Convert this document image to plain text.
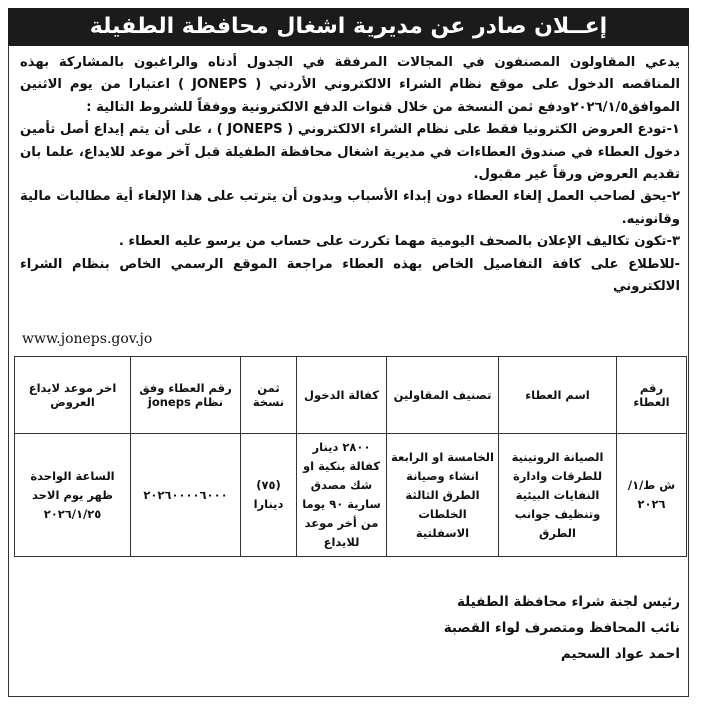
إعــلان صادر عن مديرية اشغال محافظة الطفيلة

يدعي المقاولون المصنفون في المجالات المرفقة في الجدول أدناه والراغبون بالمشاركة بهذه المناقصه الدخول على موقع نظام الشراء الالكتروني الأردني ( JONEPS ) اعتبارا من يوم الاثنين الموافق٢٠٢٦/١/٥ودفع ثمن النسخة من خلال قنوات الدفع الالكترونية ووفقاً للشروط التالية :

١-تودع العروض الكترونيا فقط على نظام الشراء الالكتروني ( JONEPS ) ، على أن يتم إيداع أصل تأمين دخول العطاء في صندوق العطاءات في مديرية اشغال محافظة الطفيلة قبل آخر موعد للايداع، علما بان تقديم العروض ورقاً غير مقبول.

٢-يحق لصاحب العمل إلغاء العطاء دون إبداء الأسباب وبدون أن يترتب على هذا الإلغاء أية مطالبات مالية وقانونيه.

٣-تكون تكاليف الإعلان بالصحف اليومية مهما تكررت على حساب من يرسو عليه العطاء .

-للاطلاع على كافة التفاصيل الخاص بهذه العطاء مراجعة الموقع الرسمي الخاص بنظام الشراء الالكتروني

www.joneps.gov.jo
رقم العطاء	اسم العطاء	تصنيف المقاولين	كفالة الدخول	ثمن نسخة	رقم العطاء وفق نظام joneps	اخر موعد لايداع العروض
ش ط/١/ ٢٠٢٦	الصيانة الروتينية للطرقات وادارة النفايات البيئية وتنظيف جوانب الطرق	الخامسة او الرابعة انشاء وصيانة الطرق الثالثة الخلطات الاسفلتية	٢٨٠٠ دينار كفالة بنكية او شك مصدق سارية ٩٠ يوما من أخر موعد للايداع	(٧٥) دينارا	٢٠٢٦٠٠٠٠٦٠٠٠	الساعة الواحدة ظهر يوم الاحد ٢٠٢٦/١/٢٥

رئيس لجنة شراء محافظة الطفيلة

نائب المحافظ ومتصرف لواء القصبة

احمد عواد السحيم
